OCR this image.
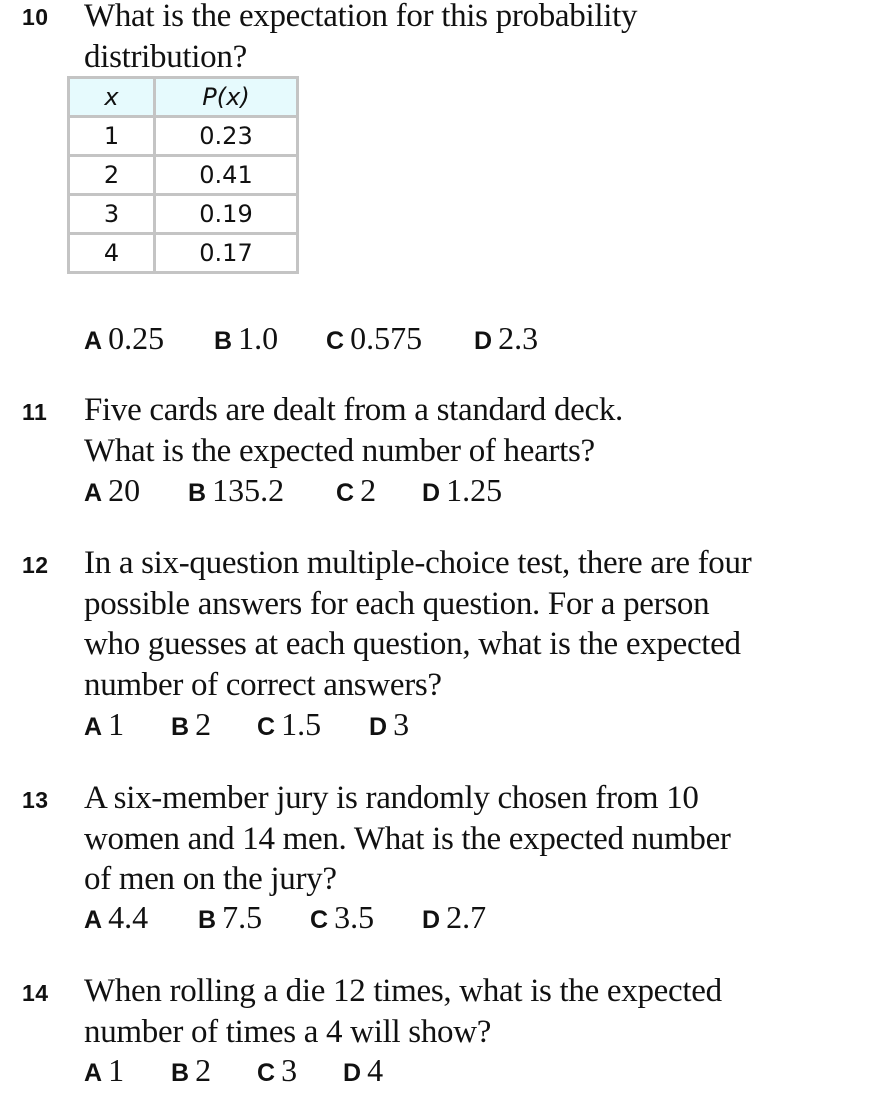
10 What is the expectation for this probability
distribution?
x	P(x)
1	0.23
2	0.41
3	0.19
4	0.17
A 0.25 B 1.0 C 0.575 D 2.3
11 Five cards are dealt from a standard deck.
What is the expected number of hearts?
A 20 B 135.2 C 2 D 1.25
12 In a six-question multiple-choice test, there are four
possible answers for each question. For a person
who guesses at each question, what is the expected
number of correct answers?
A 1 B 2 C 1.5 D 3
13 A six-member jury is randomly chosen from 10
women and 14 men. What is the expected number
of men on the jury?
A 4.4 B 7.5 C 3.5 D 2.7
14 When rolling a die 12 times, what is the expected
number of times a 4 will show?
A 1 B 2 C 3 D 4
